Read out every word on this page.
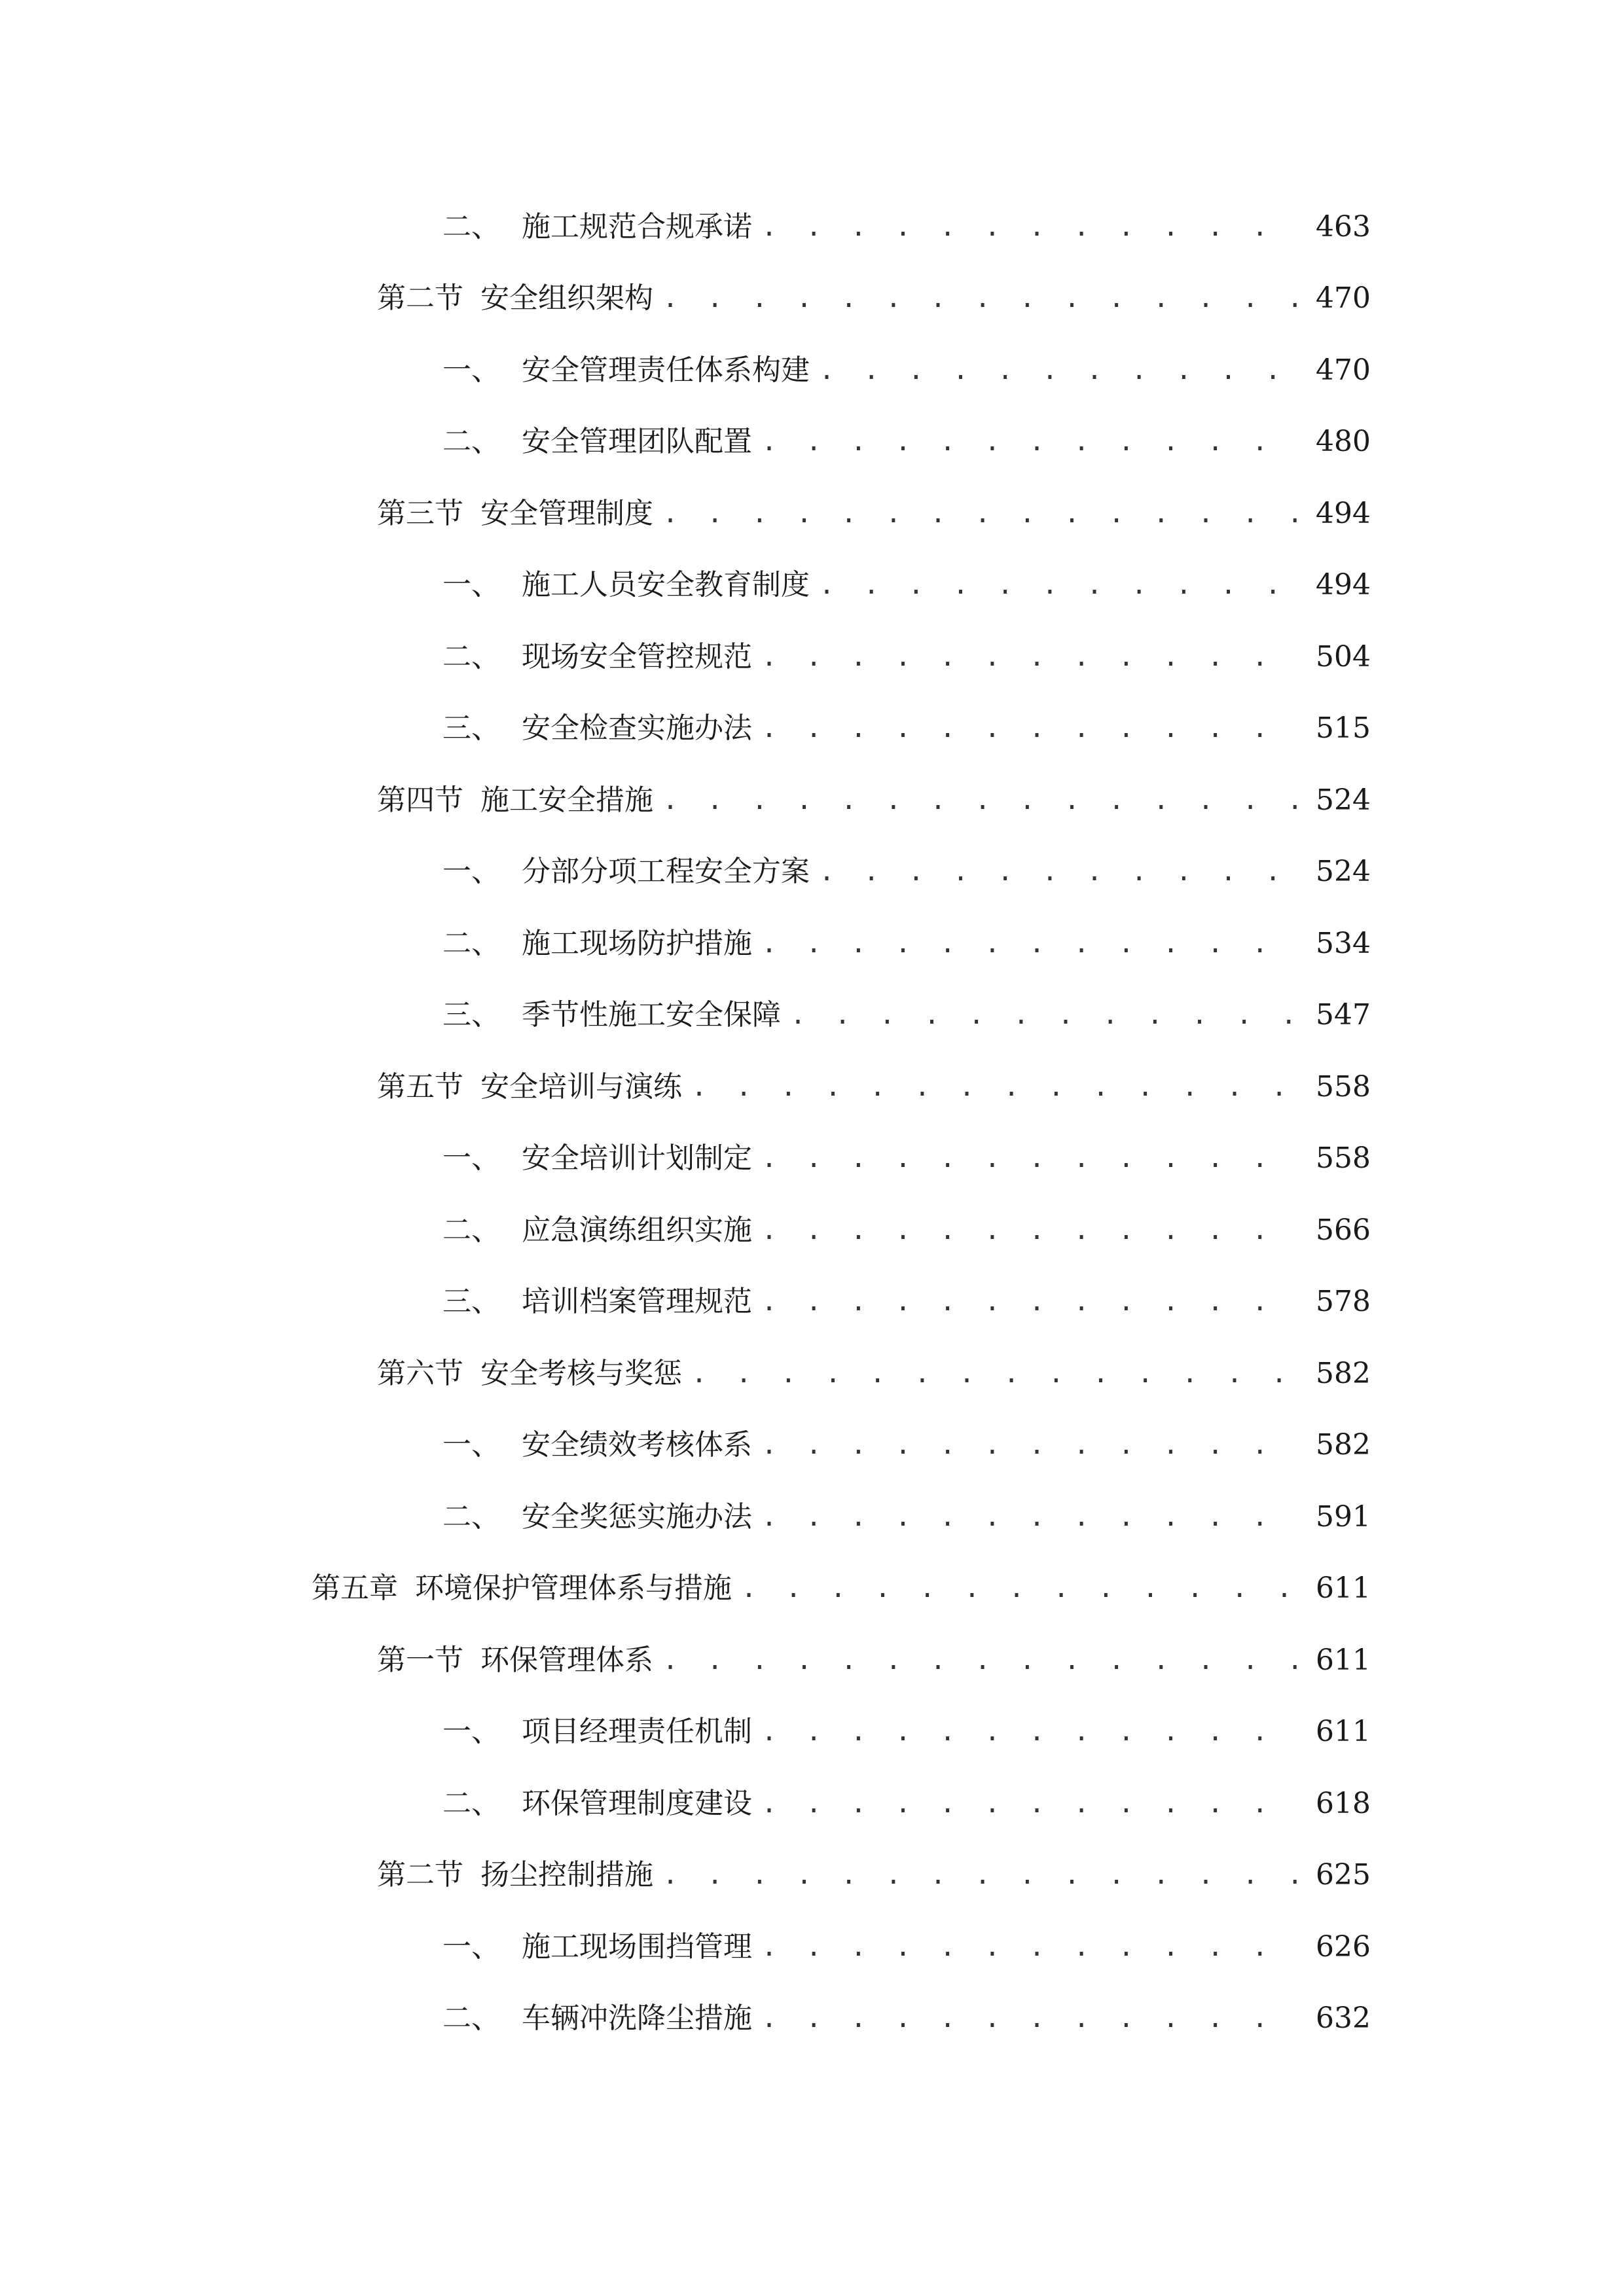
二、 施工规范合规承诺 . . .	463
第二节 安全组织架构 . . .	470
一、 安全管理责任体系构建 . . .	470
二、 安全管理团队配置 . . .	480
第三节 安全管理制度 . . .	494
一、 施工人员安全教育制度 . . .	494
二、 现场安全管控规范 . . .	504
三、 安全检查实施办法 . . .	515
第四节 施工安全措施 . . .	524
一、 分部分项工程安全方案 . . .	524
二、 施工现场防护措施 . . .	534
三、 季节性施工安全保障 . . .	547
第五节 安全培训与演练 . . .	558
一、 安全培训计划制定 . . .	558
二、 应急演练组织实施 . . .	566
三、 培训档案管理规范 . . .	578
第六节 安全考核与奖惩 . . .	582
一、 安全绩效考核体系 . . .	582
二、 安全奖惩实施办法 . . .	591
第五章 环境保护管理体系与措施 . . .	611
第一节 环保管理体系 . . .	611
一、 项目经理责任机制 . . .	611
二、 环保管理制度建设 . . .	618
第二节 扬尘控制措施 . . .	625
一、 施工现场围挡管理 . . .	626
二、 车辆冲洗降尘措施 . . .	632
